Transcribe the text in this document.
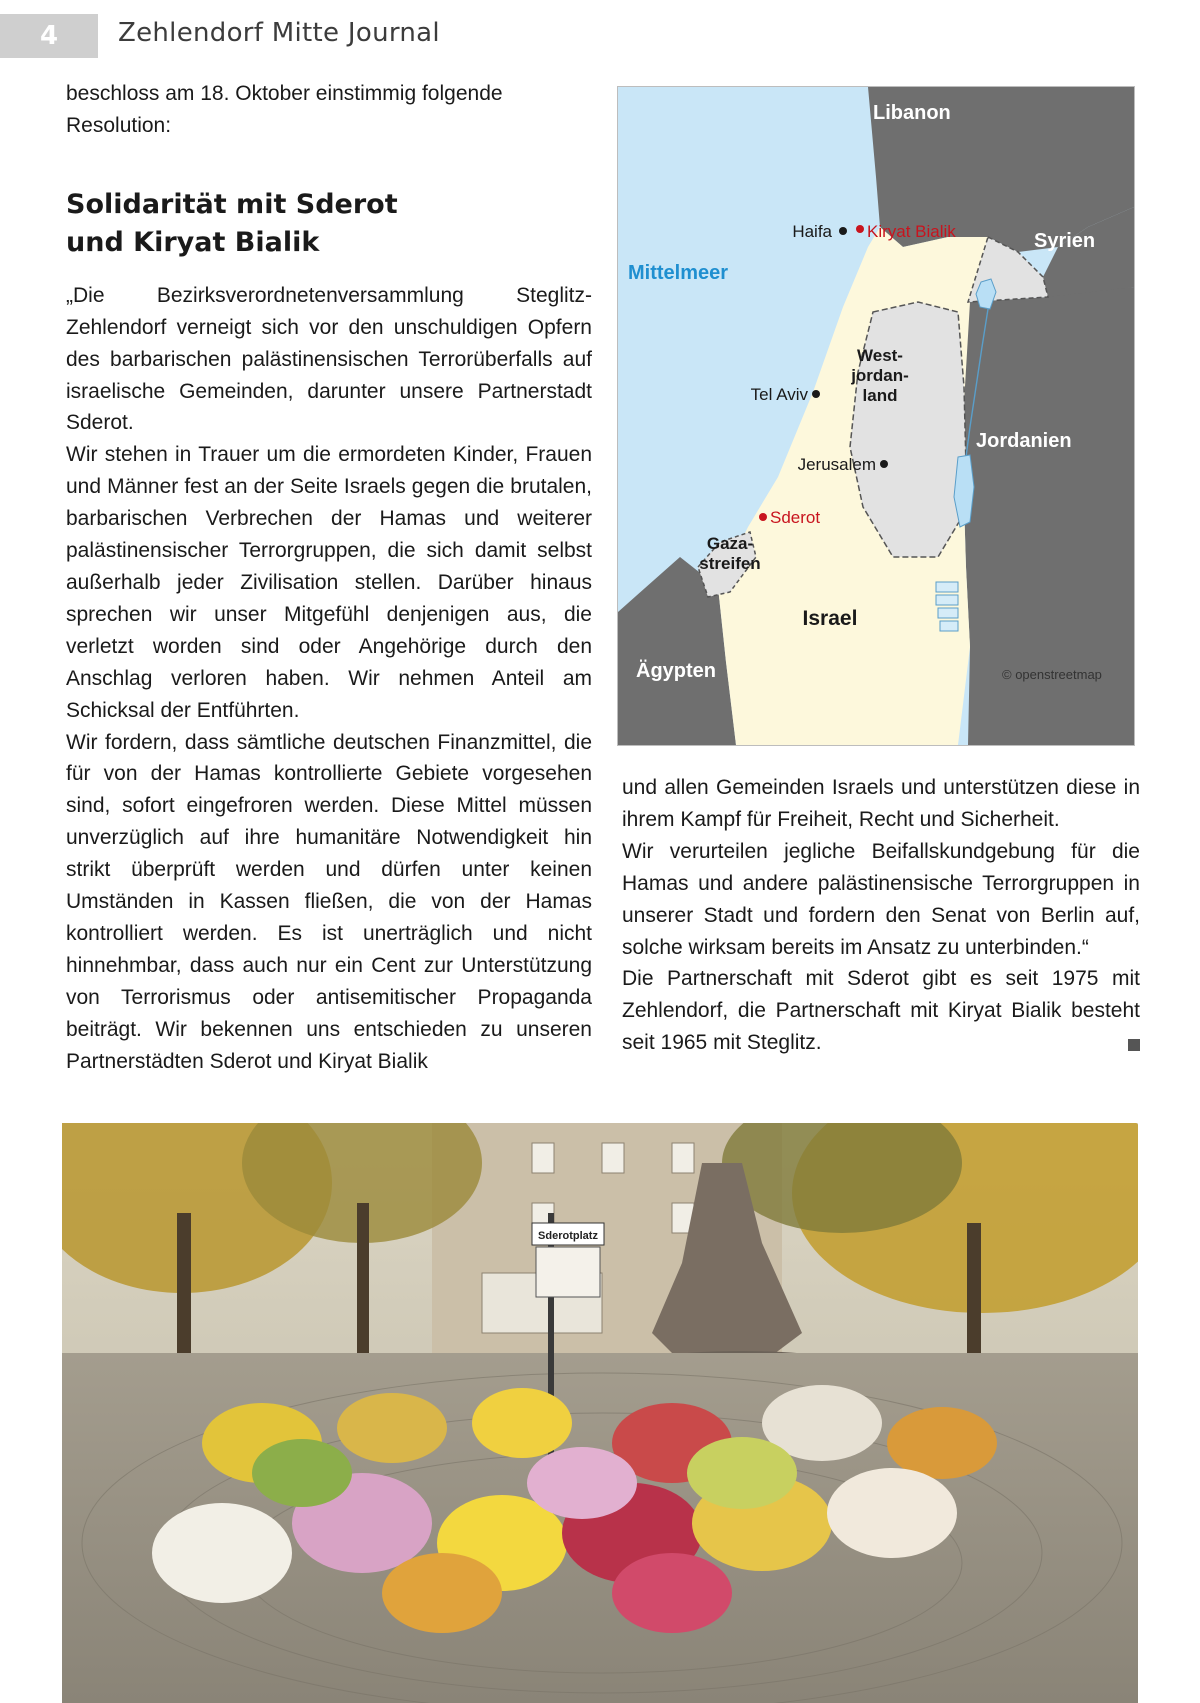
4	Zehlendorf Mitte Journal

beschloss am 18. Oktober einstimmig folgende Resolution:

Solidarität mit Sderot
und Kiryat Bialik

„Die Bezirksverordnetenversammlung Steglitz-Zehlendorf verneigt sich vor den unschuldigen Opfern des barbarischen palästinensischen Terrorüberfalls auf israelische Gemeinden, darunter unsere Partnerstadt Sderot.

Wir stehen in Trauer um die ermordeten Kinder, Frauen und Männer fest an der Seite Israels gegen die brutalen, barbarischen Verbrechen der Hamas und weiterer palästinensischer Terrorgruppen, die sich damit selbst außerhalb jeder Zivilisation stellen. Darüber hinaus sprechen wir unser Mitgefühl denjenigen aus, die verletzt worden sind oder Angehörige durch den Anschlag verloren haben. Wir nehmen Anteil am Schicksal der Entführten.

Wir fordern, dass sämtliche deutschen Finanzmittel, die für von der Hamas kontrollierte Gebiete vorgesehen sind, sofort eingefroren werden. Diese Mittel müssen unverzüglich auf ihre humanitäre Notwendigkeit hin strikt überprüft werden und dürfen unter keinen Umständen in Kassen fließen, die von der Hamas kontrolliert werden. Es ist unerträglich und nicht hinnehmbar, dass auch nur ein Cent zur Unterstützung von Terrorismus oder antisemitischer Propaganda beiträgt. Wir bekennen uns entschieden zu unseren Partnerstädten Sderot und Kiryat Bialik

und allen Gemeinden Israels und unterstützen diese in ihrem Kampf für Freiheit, Recht und Sicherheit.

Wir verurteilen jegliche Beifallskundgebung für die Hamas und andere palästinensische Terrorgruppen in unserer Stadt und fordern den Senat von Berlin auf, solche wirksam bereits im Ansatz zu unterbinden.“

Die Partnerschaft mit Sderot gibt es seit 1975 mit Zehlendorf, die Partnerschaft mit Kiryat Bialik besteht seit 1965 mit Steglitz.

Libanon
Syrien
Mittelmeer
Haifa Kiryat Bialik
West-
jordan-
land
Tel Aviv
Jordanien
Jerusalem
Sderot
Gaza-
streifen
Israel
Ägypten	© openstreetmap
Sderotplatz
